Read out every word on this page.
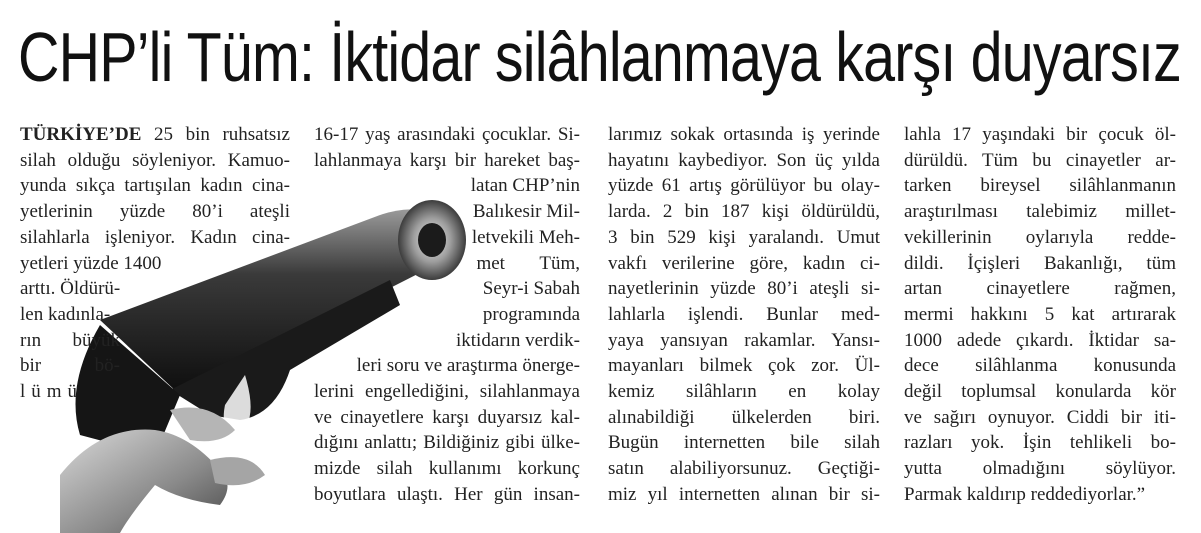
CHP’li Tüm: İktidar silâhlanmaya karşı duyarsız
TÜRKİYE’DE 25 bin ruhsatsız
silah olduğu söyleniyor. Kamuo-
yunda sıkça tartışılan kadın cina-
yetlerinin yüzde 80’i ateşli
silahlarla işleniyor. Kadın cina-
yetleri yüzde 1400
arttı. Öldürü-
len kadınla-
rın büyük
bir bö-
lümü
16-17 yaş arasındaki çocuklar. Si-
lahlanmaya karşı bir hareket baş-
latan CHP’nin
Balıkesir Mil-
letvekili Meh-
met Tüm,
Seyr-i Sabah
programında
iktidarın verdik-
leri soru ve araştırma önerge-
lerini engellediğini, silahlanmaya
ve cinayetlere karşı duyarsız kal-
dığını anlattı; Bildiğiniz gibi ülke-
mizde silah kullanımı korkunç
boyutlara ulaştı. Her gün insan-
larımız sokak ortasında iş yerinde
hayatını kaybediyor. Son üç yılda
yüzde 61 artış görülüyor bu olay-
larda. 2 bin 187 kişi öldürüldü,
3 bin 529 kişi yaralandı. Umut
vakfı verilerine göre, kadın ci-
nayetlerinin yüzde 80’i ateşli si-
lahlarla işlendi. Bunlar med-
yaya yansıyan rakamlar. Yansı-
mayanları bilmek çok zor. Ül-
kemiz silâhların en kolay
alınabildiği ülkelerden biri.
Bugün internetten bile silah
satın alabiliyorsunuz. Geçtiği-
miz yıl internetten alınan bir si-
lahla 17 yaşındaki bir çocuk öl-
dürüldü. Tüm bu cinayetler ar-
tarken bireysel silâhlanmanın
araştırılması talebimiz millet-
vekillerinin oylarıyla redde-
dildi. İçişleri Bakanlığı, tüm
artan cinayetlere rağmen,
mermi hakkını 5 kat artırarak
1000 adede çıkardı. İktidar sa-
dece silâhlanma konusunda
değil toplumsal konularda kör
ve sağırı oynuyor. Ciddi bir iti-
razları yok. İşin tehlikeli bo-
yutta olmadığını söylüyor.
Parmak kaldırıp reddediyorlar.”
